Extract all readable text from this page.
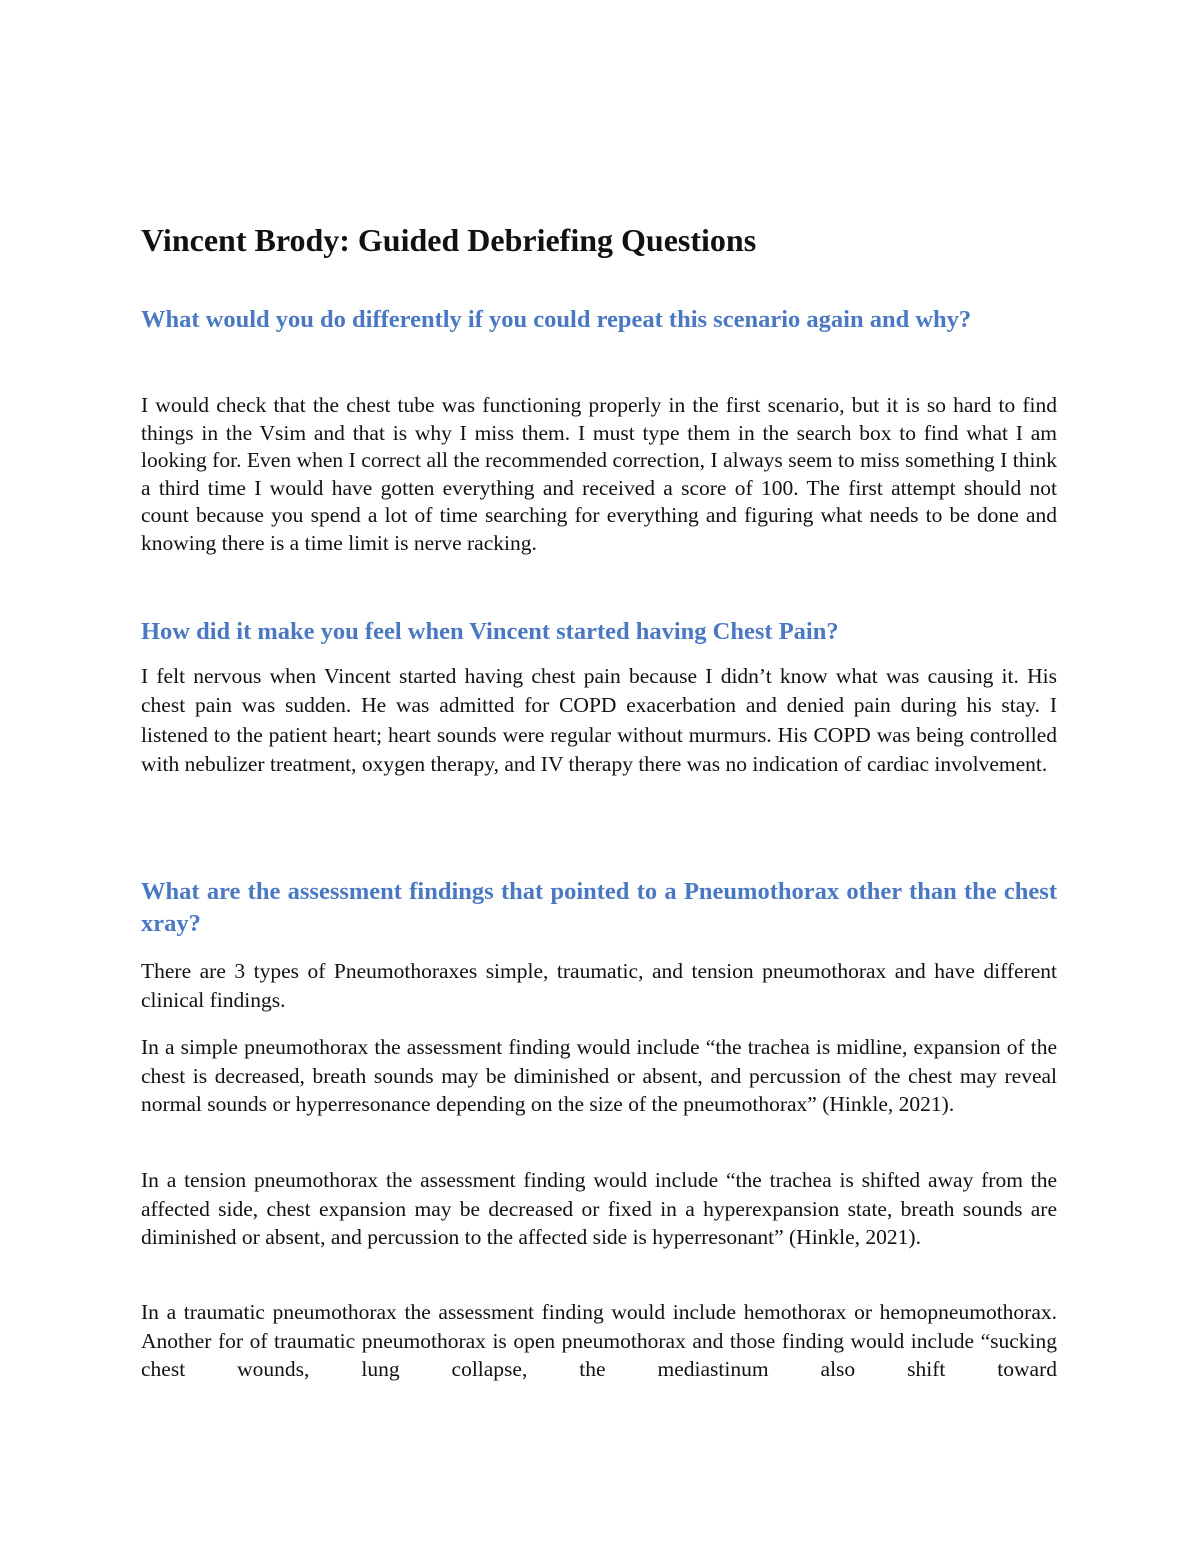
Vincent Brody: Guided Debriefing Questions
What would you do differently if you could repeat this scenario again and why?

I would check that the chest tube was functioning properly in the first scenario, but it is so hard to find things in the Vsim and that is why I miss them. I must type them in the search box to find what I am looking for. Even when I correct all the recommended correction, I always seem to miss something I think a third time I would have gotten everything and received a score of 100. The first attempt should not count because you spend a lot of time searching for everything and figuring what needs to be done and knowing there is a time limit is nerve racking.

How did it make you feel when Vincent started having Chest Pain?

I felt nervous when Vincent started having chest pain because I didn’t know what was causing it. His chest pain was sudden. He was admitted for COPD exacerbation and denied pain during his stay. I listened to the patient heart; heart sounds were regular without murmurs. His COPD was being controlled with nebulizer treatment, oxygen therapy, and IV therapy there was no indication of cardiac involvement.

What are the assessment findings that pointed to a Pneumothorax other than the chest xray?

There are 3 types of Pneumothoraxes simple, traumatic, and tension pneumothorax and have different clinical findings.

In a simple pneumothorax the assessment finding would include “the trachea is midline, expansion of the chest is decreased, breath sounds may be diminished or absent, and percussion of the chest may reveal normal sounds or hyperresonance depending on the size of the pneumothorax” (Hinkle, 2021).

In a tension pneumothorax the assessment finding would include “the trachea is shifted away from the affected side, chest expansion may be decreased or fixed in a hyperexpansion state, breath sounds are diminished or absent, and percussion to the affected side is hyperresonant” (Hinkle, 2021).

In a traumatic pneumothorax the assessment finding would include hemothorax or hemopneumothorax. Another for of traumatic pneumothorax is open pneumothorax and those finding would include “sucking chest wounds, lung collapse, the mediastinum also shift toward
